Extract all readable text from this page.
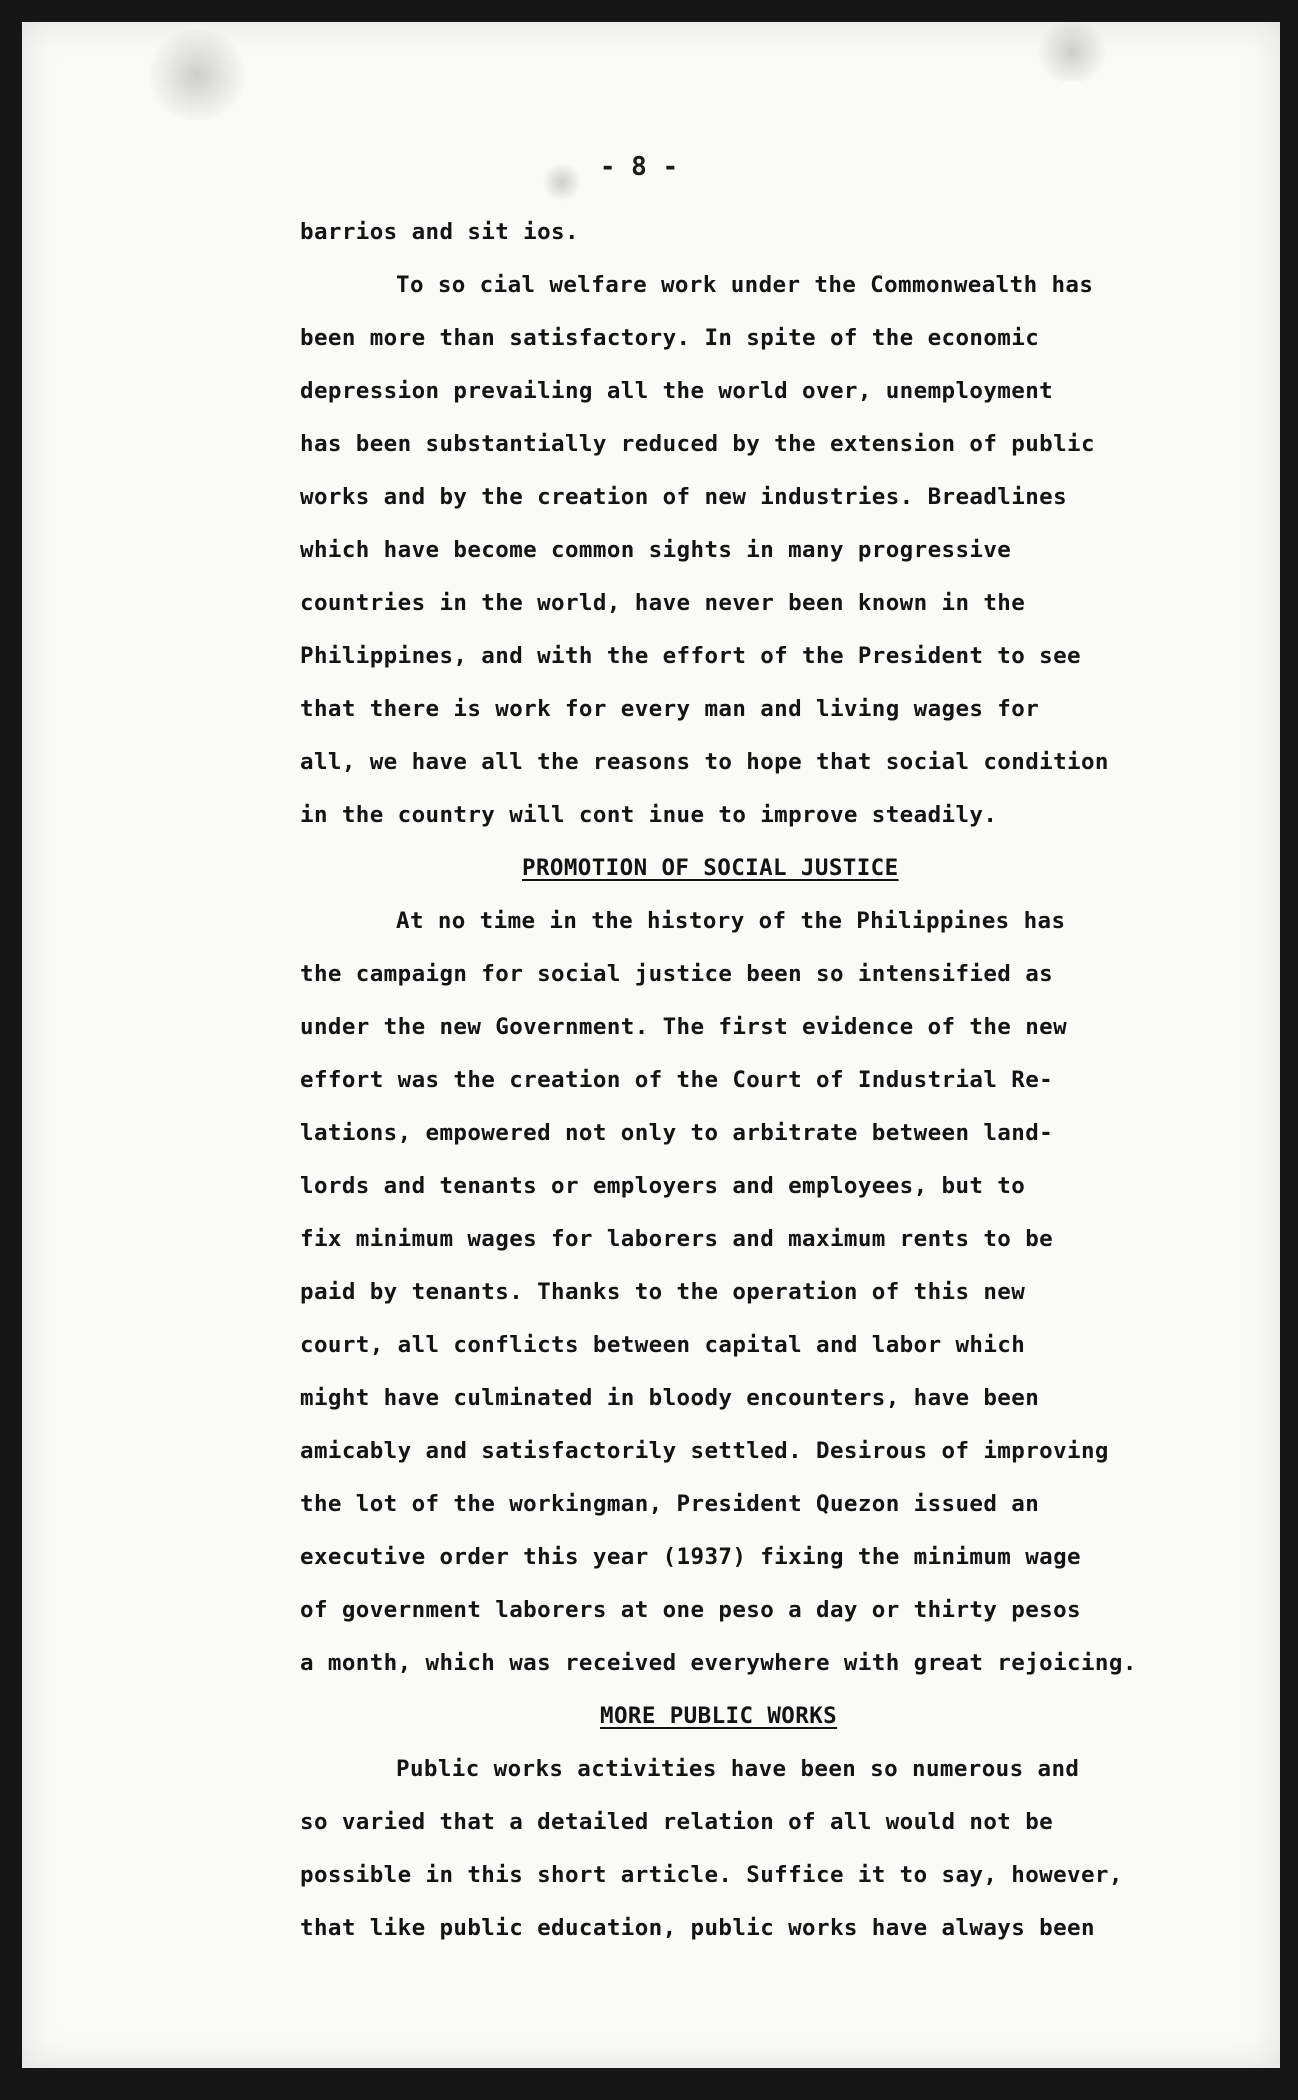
- 8 -
barrios and sit ios.
To so cial welfare work under the Commonwealth has
been more than satisfactory. In spite of the economic
depression prevailing all the world over, unemployment
has been substantially reduced by the extension of public
works and by the creation of new industries. Breadlines
which have become common sights in many progressive
countries in the world, have never been known in the
Philippines, and with the effort of the President to see
that there is work for every man and living wages for
all, we have all the reasons to hope that social condition
in the country will cont inue to improve steadily.
PROMOTION OF SOCIAL JUSTICE
At no time in the history of the Philippines has
the campaign for social justice been so intensified as
under the new Government. The first evidence of the new
effort was the creation of the Court of Industrial Re-
lations, empowered not only to arbitrate between land-
lords and tenants or employers and employees, but to
fix minimum wages for laborers and maximum rents to be
paid by tenants. Thanks to the operation of this new
court, all conflicts between capital and labor which
might have culminated in bloody encounters, have been
amicably and satisfactorily settled. Desirous of improving
the lot of the workingman, President Quezon issued an
executive order this year (1937) fixing the minimum wage
of government laborers at one peso a day or thirty pesos
a month, which was received everywhere with great rejoicing.
MORE PUBLIC WORKS
Public works activities have been so numerous and
so varied that a detailed relation of all would not be
possible in this short article. Suffice it to say, however,
that like public education, public works have always been
